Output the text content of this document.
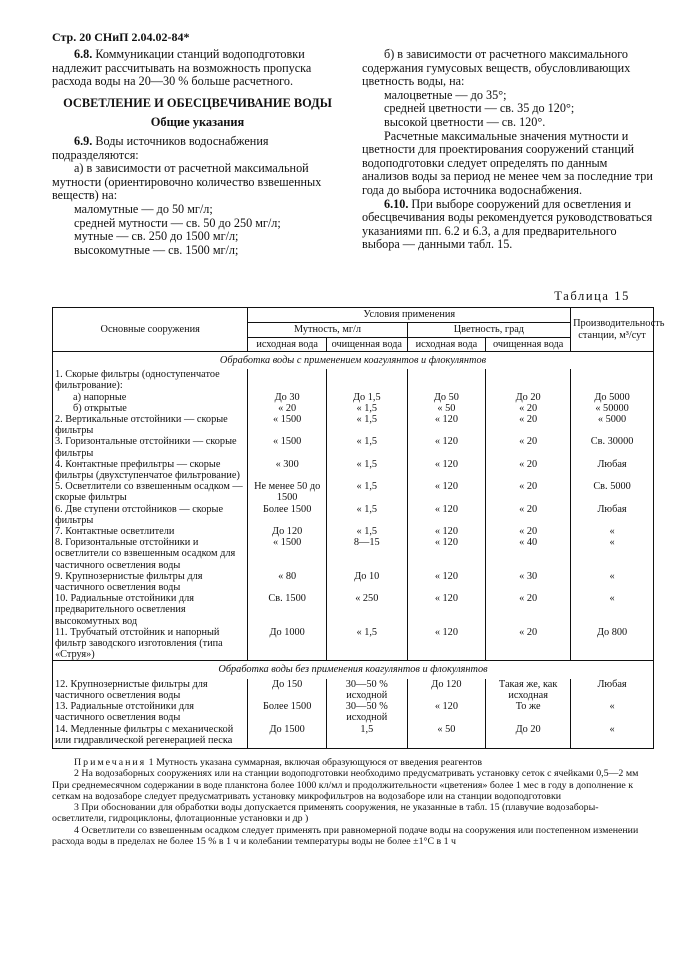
Стр. 20 СНиП 2.04.02-84*

6.8. Коммуникации станций водоподготовки надлежит рассчитывать на возможность пропуска расхода воды на 20—30 % больше расчетного.

ОСВЕТЛЕНИЕ И ОБЕСЦВЕЧИВАНИЕ ВОДЫ

Общие указания

6.9. Воды источников водоснабжения подразделяются:

а) в зависимости от расчетной максимальной мутности (ориентировочно количество взвешенных веществ) на:

маломутные — до 50 мг/л;

средней мутности — св. 50 до 250 мг/л;

мутные — св. 250 до 1500 мг/л;

высокомутные — св. 1500 мг/л;

б) в зависимости от расчетного максимального содержания гумусовых веществ, обусловливающих цветность воды, на:

малоцветные — до 35°;

средней цветности — св. 35 до 120°;

высокой цветности — св. 120°.

Расчетные максимальные значения мутности и цветности для проектирования сооружений станций водоподготовки следует определять по данным анализов воды за период не менее чем за последние три года до выбора источника водоснабжения.

6.10. При выборе сооружений для осветления и обесцвечивания воды рекомендуется руководствоваться указаниями пп. 6.2 и 6.3, а для предварительного выбора — данными табл. 15.

Таблица 15
Основные сооружения	Условия применения				Производительность станции, м³/сут
	Мутность, мг/л		Цветность, град		
	исходная вода	очищенная вода	исходная вода	очищенная вода	
Обработка воды с применением коагулянтов и флокулянтов					
1. Скорые фильтры (одноступенчатое фильтрование):					
а) напорные	До 30	До 1,5	До 50	До 20	До 5000
б) открытые	« 20	« 1,5	« 50	« 20	« 50000
2. Вертикальные отстойники — скорые фильтры	« 1500	« 1,5	« 120	« 20	« 5000
3. Горизонтальные отстойники — скорые фильтры	« 1500	« 1,5	« 120	« 20	Св. 30000
4. Контактные префильтры — скорые фильтры (двухступенчатое фильтрование)	« 300	« 1,5	« 120	« 20	Любая
5. Осветлители со взвешенным осадком — скорые фильтры	Не менее 50 до 1500	« 1,5	« 120	« 20	Св. 5000
6. Две ступени отстойников — скорые фильтры	Более 1500	« 1,5	« 120	« 20	Любая
7. Контактные осветлители	До 120	« 1,5	« 120	« 20	«
8. Горизонтальные отстойники и осветлители со взвешенным осадком для частичного осветления воды	« 1500	8—15	« 120	« 40	«
9. Крупнозернистые фильтры для частичного осветления воды	« 80	До 10	« 120	« 30	«
10. Радиальные отстойники для предварительного осветления высокомутных вод	Св. 1500	« 250	« 120	« 20	«
11. Трубчатый отстойник и напорный фильтр заводского изготовления (типа «Струя»)	До 1000	« 1,5	« 120	« 20	До 800
Обработка воды без применения коагулянтов и флокулянтов					
12. Крупнозернистые фильтры для частичного осветления воды	До 150	30—50 % исходной	До 120	Такая же, как исходная	Любая
13. Радиальные отстойники для частичного осветления воды	Более 1500	30—50 % исходной	« 120	То же	«
14. Медленные фильтры с механической или гидравлической регенерацией песка	До 1500	1,5	« 50	До 20	«

Примечания 1 Мутность указана суммарная, включая образующуюся от введения реагентов

2 На водозаборных сооружениях или на станции водоподготовки необходимо предусматривать установку сеток с ячейками 0,5—2 мм При среднемесячном содержании в воде планктона более 1000 кл/мл и продолжительности «цветения» более 1 мес в году в дополнение к сеткам на водозаборе следует предусматривать установку микрофильтров на водозаборе или на станции водоподготовки

3 При обосновании для обработки воды допускается применять сооружения, не указанные в табл. 15 (плавучие водозаборы-осветлители, гидроциклоны, флотационные установки и др )

4 Осветлители со взвешенным осадком следует применять при равномерной подаче воды на сооружения или постепенном изменении расхода воды в пределах не более 15 % в 1 ч и колебании температуры воды не более ±1°С в 1 ч
